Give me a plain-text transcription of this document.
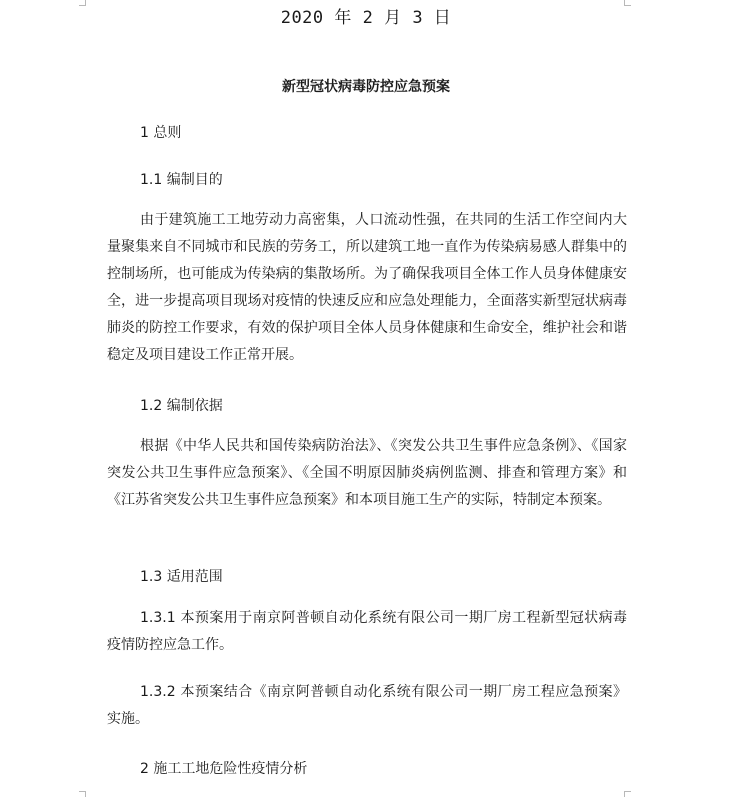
2020 年 2 月 3 日
新型冠状病毒防控应急预案
1 总则
1.1 编制目的

由于建筑施工工地劳动力高密集，人口流动性强，在共同的生活工作空间内大量聚集来自不同城市和民族的劳务工，所以建筑工地一直作为传染病易感人群集中的控制场所，也可能成为传染病的集散场所。为了确保我项目全体工作人员身体健康安全，进一步提高项目现场对疫情的快速反应和应急处理能力，全面落实新型冠状病毒肺炎的防控工作要求，有效的保护项目全体人员身体健康和生命安全，维护社会和谐稳定及项目建设工作正常开展。

1.2 编制依据

根据《中华人民共和国传染病防治法》、《突发公共卫生事件应急条例》、《国家突发公共卫生事件应急预案》、《全国不明原因肺炎病例监测、排查和管理方案》和《江苏省突发公共卫生事件应急预案》和本项目施工生产的实际，特制定本预案。

1.3 适用范围

1.3.1 本预案用于南京阿普顿自动化系统有限公司一期厂房工程新型冠状病毒疫情防控应急工作。

1.3.2 本预案结合《南京阿普顿自动化系统有限公司一期厂房工程应急预案》实施。

2 施工工地危险性疫情分析
